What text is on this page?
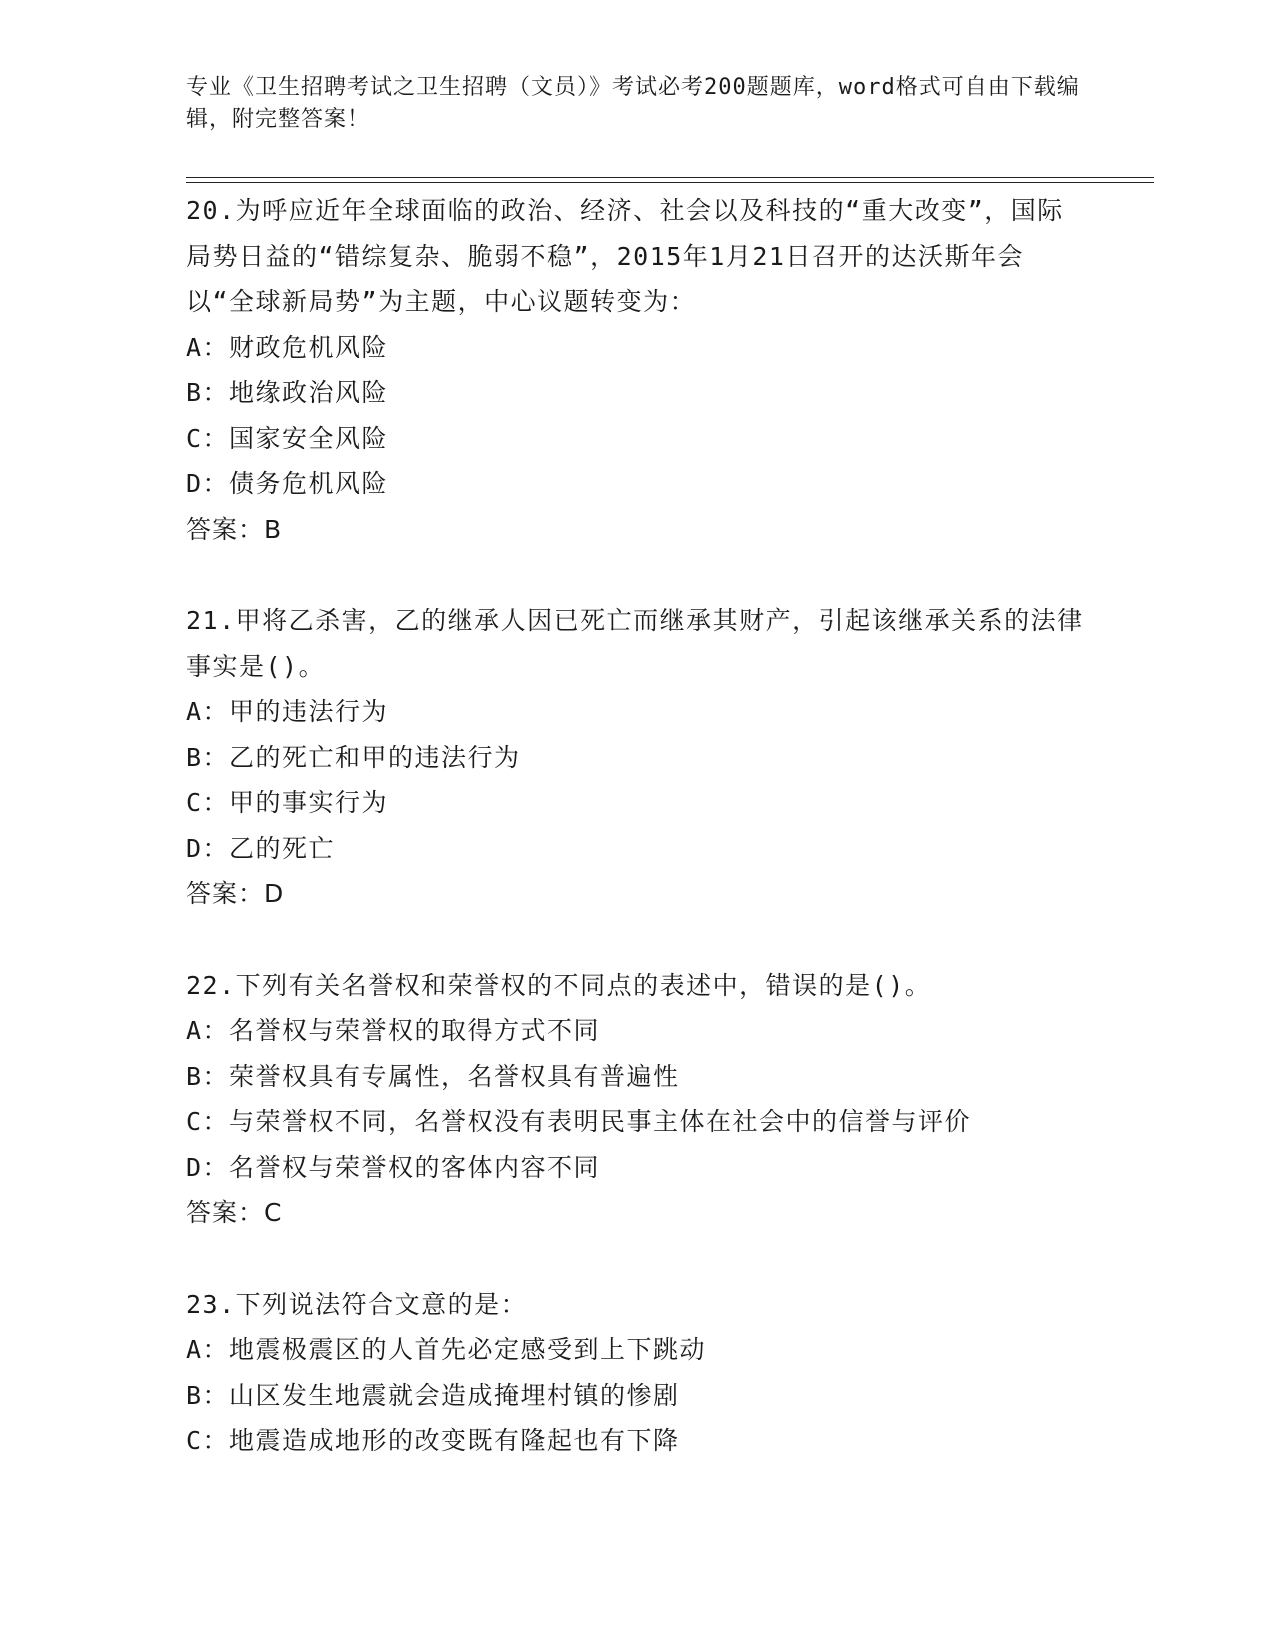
专业《卫生招聘考试之卫生招聘（文员）》考试必考200题题库，word格式可自由下载编辑，附完整答案！
20.为呼应近年全球面临的政治、经济、社会以及科技的“重大改变”，国际局势日益的“错综复杂、脆弱不稳”，2015年1月21日召开的达沃斯年会以“全球新局势”为主题，中心议题转变为：
A：财政危机风险
B：地缘政治风险
C：国家安全风险
D：债务危机风险
答案：B
21.甲将乙杀害，乙的继承人因已死亡而继承其财产，引起该继承关系的法律事实是()。
A：甲的违法行为
B：乙的死亡和甲的违法行为
C：甲的事实行为
D：乙的死亡
答案：D
22.下列有关名誉权和荣誉权的不同点的表述中，错误的是()。
A：名誉权与荣誉权的取得方式不同
B：荣誉权具有专属性，名誉权具有普遍性
C：与荣誉权不同，名誉权没有表明民事主体在社会中的信誉与评价
D：名誉权与荣誉权的客体内容不同
答案：C
23.下列说法符合文意的是：
A：地震极震区的人首先必定感受到上下跳动
B：山区发生地震就会造成掩埋村镇的惨剧
C：地震造成地形的改变既有隆起也有下降
